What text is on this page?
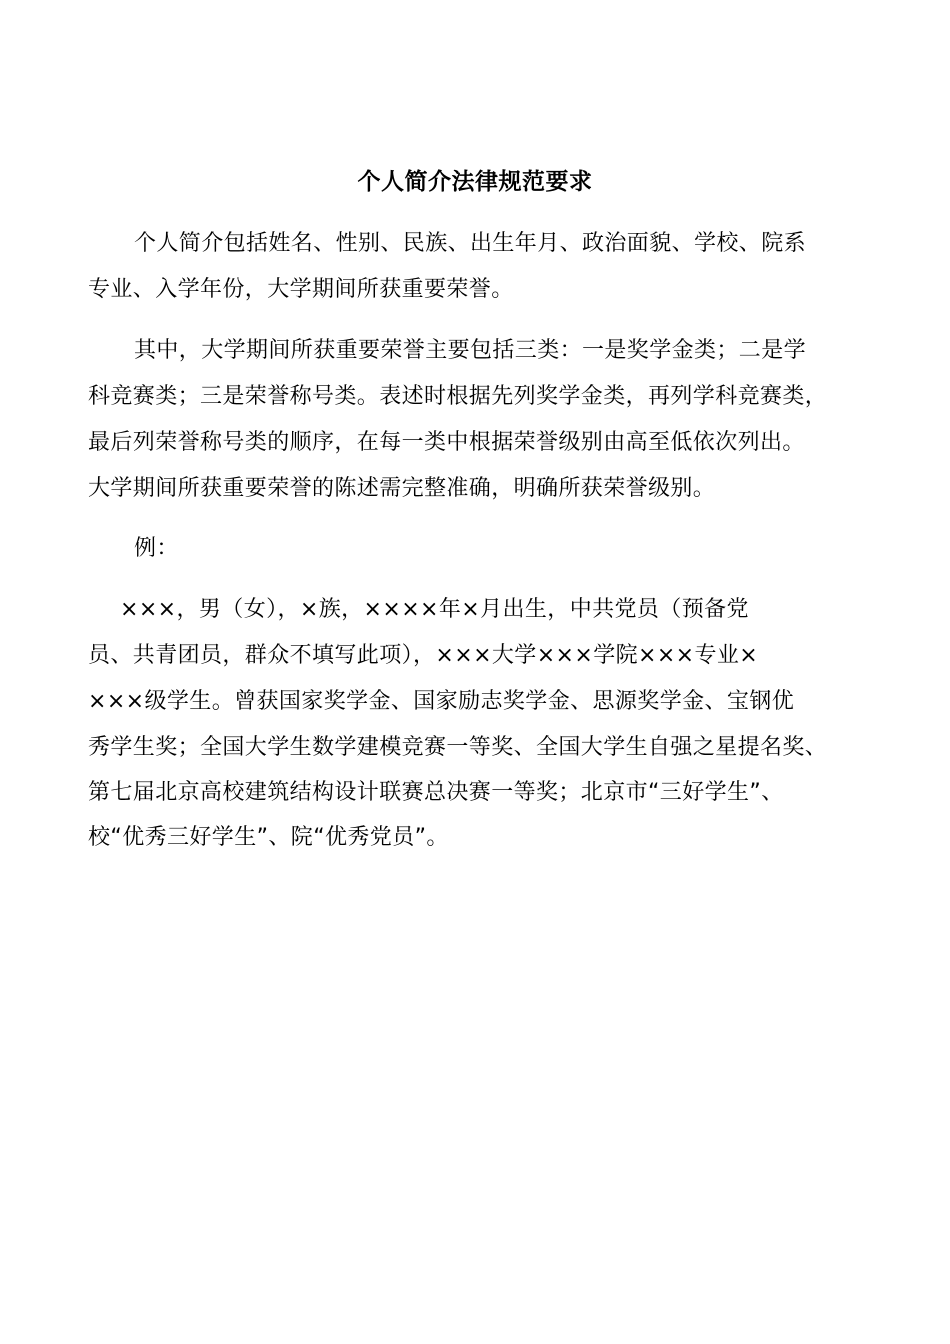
个人简介法律规范要求
个人简介包括姓名、性别、民族、出生年月、政治面貌、学校、院系
专业、入学年份，大学期间所获重要荣誉。
其中，大学期间所获重要荣誉主要包括三类：一是奖学金类；二是学
科竞赛类；三是荣誉称号类。表述时根据先列奖学金类，再列学科竞赛类，
最后列荣誉称号类的顺序，在每一类中根据荣誉级别由高至低依次列出。
大学期间所获重要荣誉的陈述需完整准确，明确所获荣誉级别。
例：
×××，男（女），×族，××××年×月出生，中共党员（预备党
员、共青团员，群众不填写此项），×××大学×××学院×××专业×
×××级学生。曾获国家奖学金、国家励志奖学金、思源奖学金、宝钢优
秀学生奖；全国大学生数学建模竞赛一等奖、全国大学生自强之星提名奖、
第七届北京高校建筑结构设计联赛总决赛一等奖；北京市“三好学生”、
校“优秀三好学生”、院“优秀党员”。
